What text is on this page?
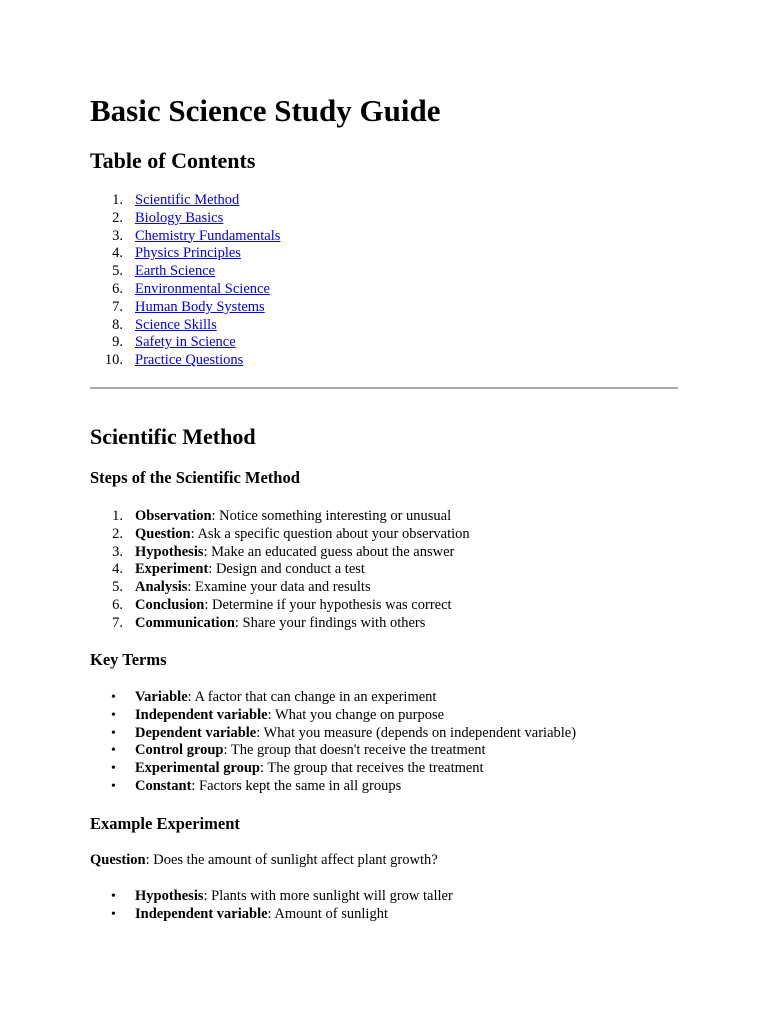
Basic Science Study Guide
Table of Contents
1. Scientific Method
2. Biology Basics
3. Chemistry Fundamentals
4. Physics Principles
5. Earth Science
6. Environmental Science
7. Human Body Systems
8. Science Skills
9. Safety in Science
10. Practice Questions
Scientific Method
Steps of the Scientific Method
1. Observation: Notice something interesting or unusual
2. Question: Ask a specific question about your observation
3. Hypothesis: Make an educated guess about the answer
4. Experiment: Design and conduct a test
5. Analysis: Examine your data and results
6. Conclusion: Determine if your hypothesis was correct
7. Communication: Share your findings with others
Key Terms
• Variable: A factor that can change in an experiment
• Independent variable: What you change on purpose
• Dependent variable: What you measure (depends on independent variable)
• Control group: The group that doesn't receive the treatment
• Experimental group: The group that receives the treatment
• Constant: Factors kept the same in all groups
Example Experiment

Question: Does the amount of sunlight affect plant growth?

• Hypothesis: Plants with more sunlight will grow taller
• Independent variable: Amount of sunlight
